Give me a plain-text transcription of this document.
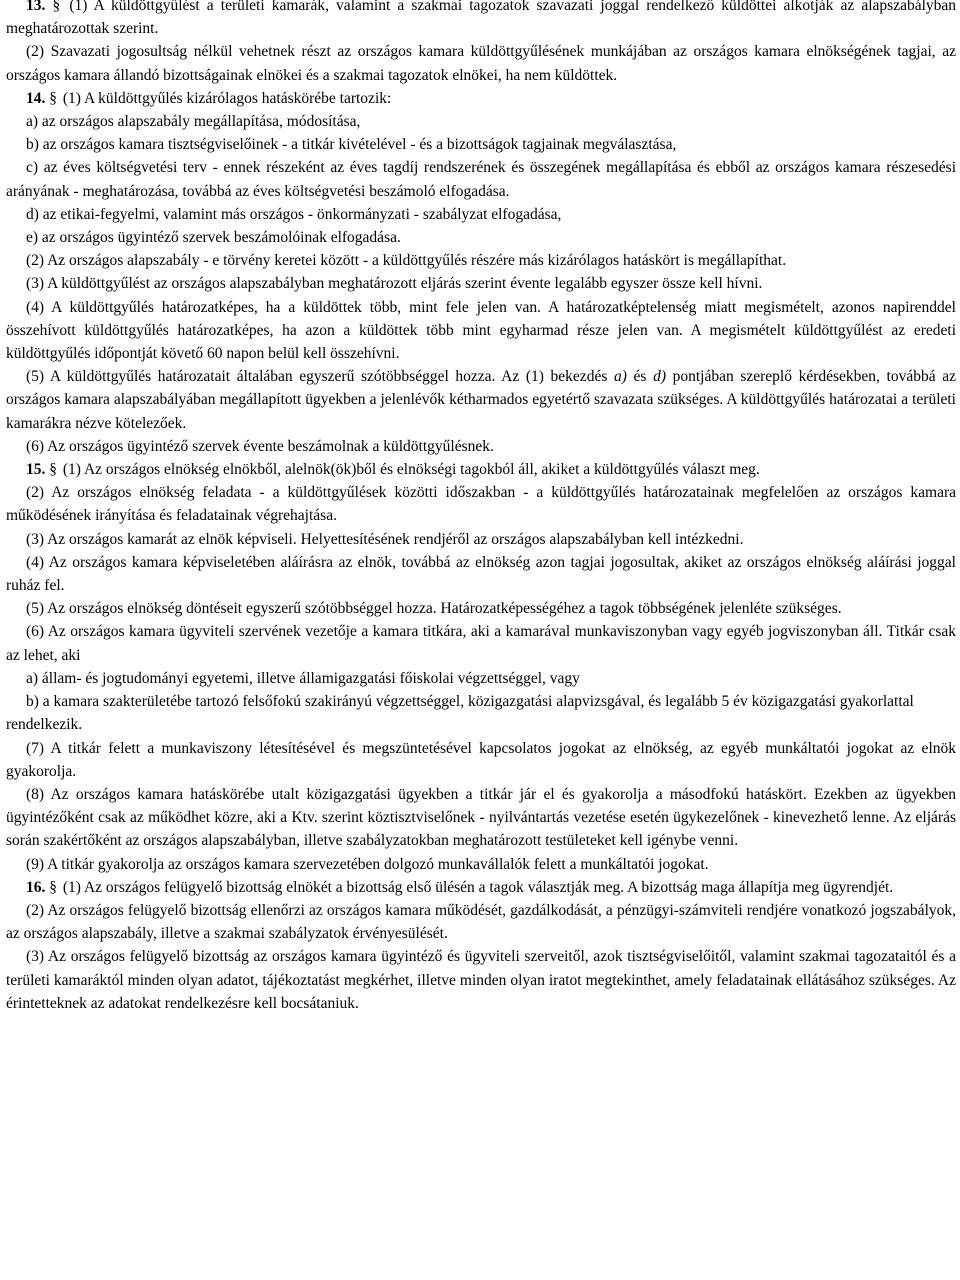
13. § (1) A küldöttgyűlést a területi kamarák, valamint a szakmai tagozatok szavazati joggal rendelkező küldöttei alkotják az alapszabályban meghatározottak szerint.

(2) Szavazati jogosultság nélkül vehetnek részt az országos kamara küldöttgyűlésének munkájában az országos kamara elnökségének tagjai, az országos kamara állandó bizottságainak elnökei és a szakmai tagozatok elnökei, ha nem küldöttek.

14. § (1) A küldöttgyűlés kizárólagos hatáskörébe tartozik:

a) az országos alapszabály megállapítása, módosítása,

b) az országos kamara tisztségviselőinek - a titkár kivételével - és a bizottságok tagjainak megválasztása,

c) az éves költségvetési terv - ennek részeként az éves tagdíj rendszerének és összegének megállapítása és ebből az országos kamara részesedési arányának - meghatározása, továbbá az éves költségvetési beszámoló elfogadása.

d) az etikai-fegyelmi, valamint más országos - önkormányzati - szabályzat elfogadása,

e) az országos ügyintéző szervek beszámolóinak elfogadása.

(2) Az országos alapszabály - e törvény keretei között - a küldöttgyűlés részére más kizárólagos hatáskört is megállapíthat.

(3) A küldöttgyűlést az országos alapszabályban meghatározott eljárás szerint évente legalább egyszer össze kell hívni.

(4) A küldöttgyűlés határozatképes, ha a küldöttek több, mint fele jelen van. A határozatképtelenség miatt megismételt, azonos napirenddel összehívott küldöttgyűlés határozatképes, ha azon a küldöttek több mint egyharmad része jelen van. A megismételt küldöttgyűlést az eredeti küldöttgyűlés időpontját követő 60 napon belül kell összehívni.

(5) A küldöttgyűlés határozatait általában egyszerű szótöbbséggel hozza. Az (1) bekezdés a) és d) pontjában szereplő kérdésekben, továbbá az országos kamara alapszabályában megállapított ügyekben a jelenlévők kétharmados egyetértő szavazata szükséges. A küldöttgyűlés határozatai a területi kamarákra nézve kötelezőek.

(6) Az országos ügyintéző szervek évente beszámolnak a küldöttgyűlésnek.

15. § (1) Az országos elnökség elnökből, alelnök(ök)ből és elnökségi tagokból áll, akiket a küldöttgyűlés választ meg.

(2) Az országos elnökség feladata - a küldöttgyűlések közötti időszakban - a küldöttgyűlés határozatainak megfelelően az országos kamara működésének irányítása és feladatainak végrehajtása.

(3) Az országos kamarát az elnök képviseli. Helyettesítésének rendjéről az országos alapszabályban kell intézkedni.

(4) Az országos kamara képviseletében aláírásra az elnök, továbbá az elnökség azon tagjai jogosultak, akiket az országos elnökség aláírási joggal ruház fel.

(5) Az országos elnökség döntéseit egyszerű szótöbbséggel hozza. Határozatképességéhez a tagok többségének jelenléte szükséges.

(6) Az országos kamara ügyviteli szervének vezetője a kamara titkára, aki a kamarával munkaviszonyban vagy egyéb jogviszonyban áll. Titkár csak az lehet, aki

a) állam- és jogtudományi egyetemi, illetve államigazgatási főiskolai végzettséggel, vagy

b) a kamara szakterületébe tartozó felsőfokú szakirányú végzettséggel, közigazgatási alapvizsgával, és legalább 5 év közigazgatási gyakorlattal

rendelkezik.

(7) A titkár felett a munkaviszony létesítésével és megszüntetésével kapcsolatos jogokat az elnökség, az egyéb munkáltatói jogokat az elnök gyakorolja.

(8) Az országos kamara hatáskörébe utalt közigazgatási ügyekben a titkár jár el és gyakorolja a másodfokú hatáskört. Ezekben az ügyekben ügyintézőként csak az működhet közre, aki a Ktv. szerint köztisztviselőnek - nyilvántartás vezetése esetén ügykezelőnek - kinevezhető lenne. Az eljárás során szakértőként az országos alapszabályban, illetve szabályzatokban meghatározott testületeket kell igénybe venni.

(9) A titkár gyakorolja az országos kamara szervezetében dolgozó munkavállalók felett a munkáltatói jogokat.

16. § (1) Az országos felügyelő bizottság elnökét a bizottság első ülésén a tagok választják meg. A bizottság maga állapítja meg ügyrendjét.

(2) Az országos felügyelő bizottság ellenőrzi az országos kamara működését, gazdálkodását, a pénzügyi-számviteli rendjére vonatkozó jogszabályok, az országos alapszabály, illetve a szakmai szabályzatok érvényesülését.

(3) Az országos felügyelő bizottság az országos kamara ügyintéző és ügyviteli szerveitől, azok tisztségviselőitől, valamint szakmai tagozataitól és a területi kamaráktól minden olyan adatot, tájékoztatást megkérhet, illetve minden olyan iratot megtekinthet, amely feladatainak ellátásához szükséges. Az érintetteknek az adatokat rendelkezésre kell bocsátaniuk.
